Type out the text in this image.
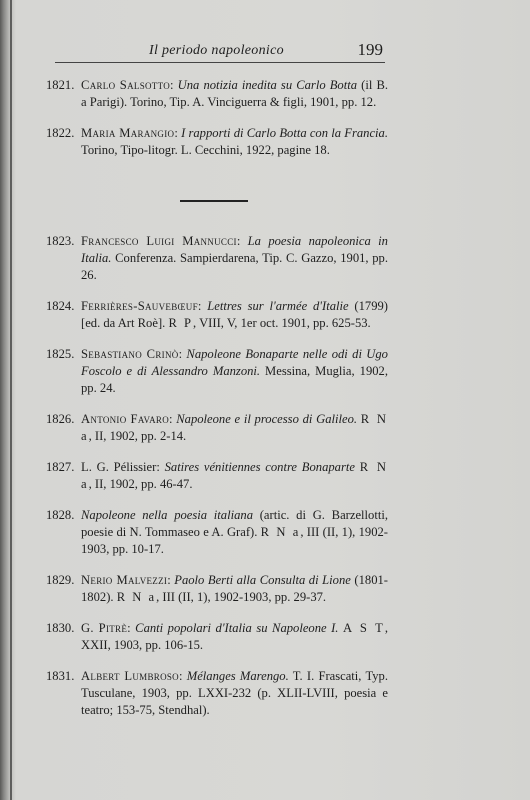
Il periodo napoleonico	199
1821. Carlo Salsotto: Una notizia inedita su Carlo Botta (il B. a Parigi). Torino, Tip. A. Vinciguerra & figli, 1901, pp. 12.
1822. Maria Marangio: I rapporti di Carlo Botta con la Francia. Torino, Tipo-litogr. L. Cecchini, 1922, pagine 18.
1823. Francesco Luigi Mannucci: La poesia napoleonica in Italia. Conferenza. Sampierdarena, Tip. C. Gazzo, 1901, pp. 26.
1824. Ferrières-Sauvebœuf: Lettres sur l'armée d'Italie (1799) [ed. da Art Roè]. R P, VIII, V, 1er oct. 1901, pp. 625-53.
1825. Sebastiano Crinò: Napoleone Bonaparte nelle odi di Ugo Foscolo e di Alessandro Manzoni. Messina, Muglia, 1902, pp. 24.
1826. Antonio Favaro: Napoleone e il processo di Galileo. R N a, II, 1902, pp. 2-14.
1827. L. G. Pélissier: Satires vénitiennes contre Bonaparte R N a, II, 1902, pp. 46-47.
1828. Napoleone nella poesia italiana (artic. di G. Barzellotti, poesie di N. Tommaseo e A. Graf). R N a, III (II, 1), 1902-1903, pp. 10-17.
1829. Nerio Malvezzi: Paolo Berti alla Consulta di Lione (1801-1802). R N a, III (II, 1), 1902-1903, pp. 29-37.
1830. G. Pitrè: Canti popolari d'Italia su Napoleone I. A S T, XXII, 1903, pp. 106-15.
1831. Albert Lumbroso: Mélanges Marengo. T. I. Frascati, Typ. Tusculane, 1903, pp. LXXI-232 (p. XLII-LVIII, poesia e teatro; 153-75, Stendhal).
